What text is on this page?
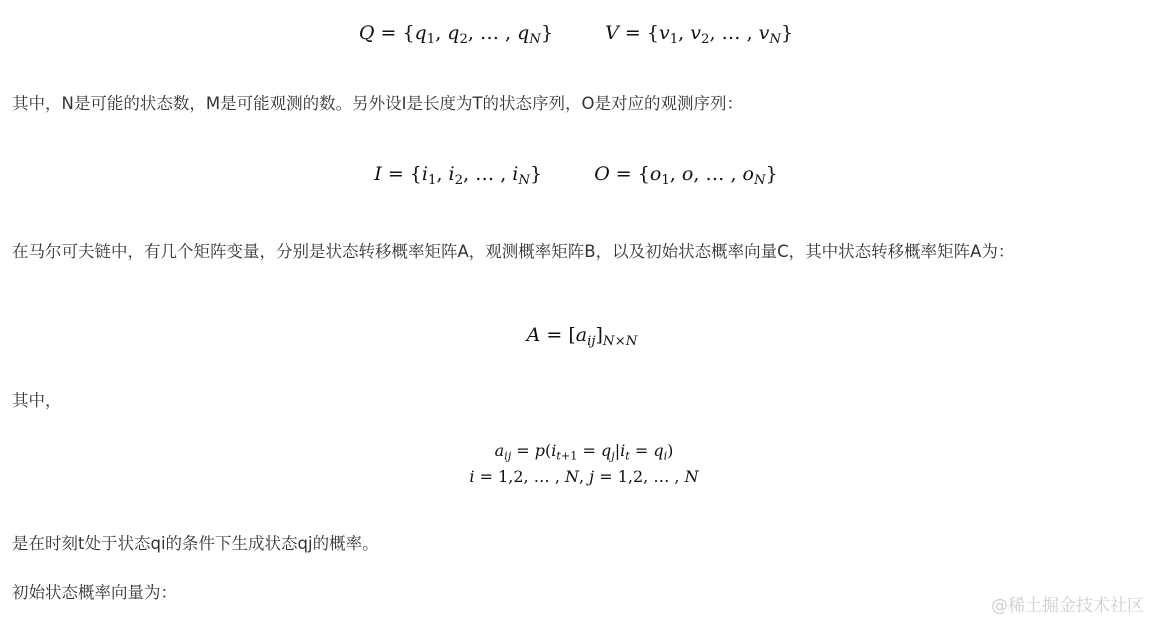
$Q = \{q_1$, $q_2$, … , $q_N$}  $V = \{v_1$, $v_2$, … , $v_N$}
其中，N是可能的状态数，M是可能观测的数。另外设I是长度为T的状态序列，O是对应的观测序列：
$I = \{i_1$, $i_2$, … , $i_N$}  $O = \{o_1$, o, … , $o_N$}
在马尔可夫链中，有几个矩阵变量，分别是状态转移概率矩阵A，观测概率矩阵B，以及初始状态概率向量C，其中状态转移概率矩阵A为：
$A = [a_{ij}]_{N\times N}$
其中，
$a_{ij} = p(i_{t+1} = q_j|i_t = q_i)$
i = 1,2, … , N, j = 1,2, … , N
是在时刻t处于状态qi的条件下生成状态qj的概率。
初始状态概率向量为：
@稀土掘金技术社区
